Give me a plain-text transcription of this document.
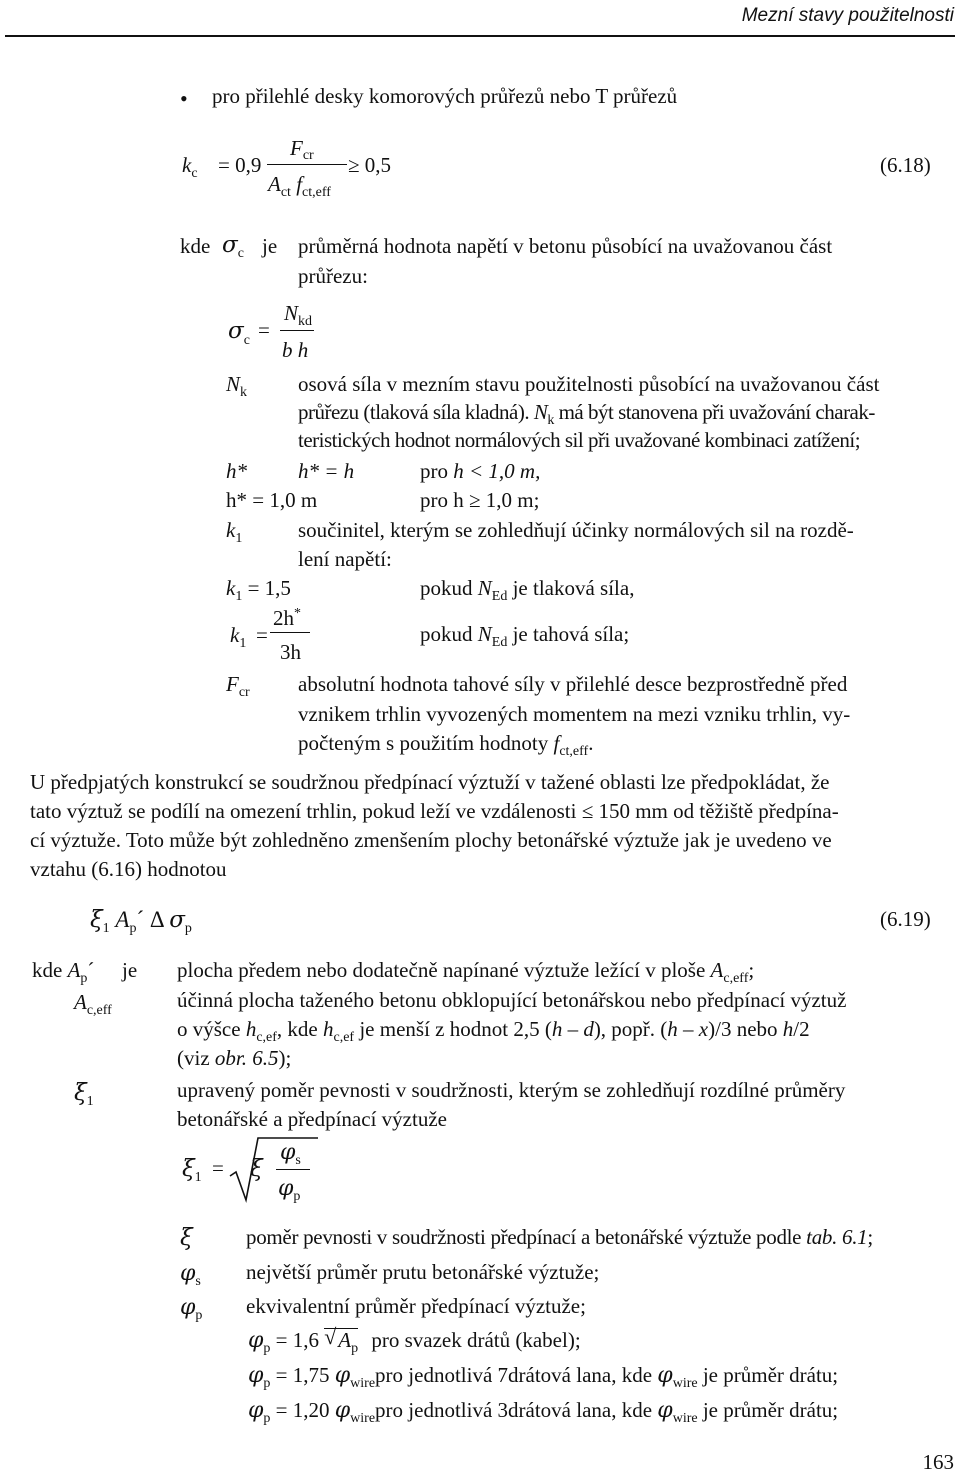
Mezní stavy použitelnosti
• pro přilehlé desky komorových průřezů nebo T průřezů
$k_c = 0,9$
Fcr
$A_{ct}$ $f_{ct,eff}$
≥ 0,5	(6.18)
kde $\sigma_c$ je průměrná hodnota napětí v betonu působící na uvažovanou část
průřezu:
$\sigma_c$ =
$N_{kd}$
b h
$N_k$ osová síla v mezním stavu použitelnosti působící na uvažovanou část
průřezu (tlaková síla kladná). $N_k$ má být stanovena při uvažování charak-
teristických hodnot normálových sil při uvažované kombinaci zatížení;
h* h* = h	pro h < 1,0 m,
h* = 1,0 m	pro h ≥ 1,0 m;
$k_1$	součinitel, kterým se zohledňují účinky normálových sil na rozdě-
lení napětí:
$k_1 = 1,5$	pokud $N_{Ed}$ je tlaková síla,
$k_1$ =
2h*
3h
pokud $N_{Ed}$ je tahová síla;
$F_{cr}$ absolutní hodnota tahové síly v přilehlé desce bezprostředně před
vznikem trhlin vyvozených momentem na mezi vzniku trhlin, vy-
počteným s použitím hodnoty $f_{ct,eff}$.
U předpjatých konstrukcí se soudržnou předpínací výztuží v tažené oblasti lze předpokládat, že
tato výztuž se podílí na omezení trhlin, pokud leží ve vzdálenosti ≤ 150 mm od těžiště předpína-
cí výztuže. Toto může být zohledněno zmenšením plochy betonářské výztuže jak je uvedeno ve
vztahu (6.16) hodnotou
$\xi_1$ $A_p´$ Δ $\sigma_p$	(6.19)
kde $A_p´$ je plocha předem nebo dodatečně napínané výztuže ležící v ploše $A_{c,eff}$;
$A_{c,eff}$	účinná plocha taženého betonu obklopující betonářskou nebo předpínací výztuž
o výšce $h_{c,ef}$, kde $h_{c,ef}$ je menší z hodnot 2,5 (h – d), popř. (h – x)/3 nebo h/2
(viz obr. 6.5);
$\xi_1$	upravený poměr pevnosti v soudržnosti, kterým se zohledňují rozdílné průměry
betonářské a předpínací výztuže
$\xi_1 = \xi$
$\varphi_s$
$\varphi_p$
ξ	poměr pevnosti v soudržnosti předpínací a betonářské výztuže podle tab. 6.1;
$\varphi_s$ největší průměr prutu betonářské výztuže;
$\varphi_p$ ekvivalentní průměr předpínací výztuže;
$\varphi_p = 1,6$ √ $A_p$ pro svazek drátů (kabel);
$\varphi_p = 1,75$ $\varphi_{wire}pro$ jednotlivá 7drátová lana, kde $\varphi_{wire}$ je průměr drátu;
$\varphi_p = 1,20$ $\varphi_{wire}pro$ jednotlivá 3drátová lana, kde $\varphi_{wire}$ je průměr drátu;
163
